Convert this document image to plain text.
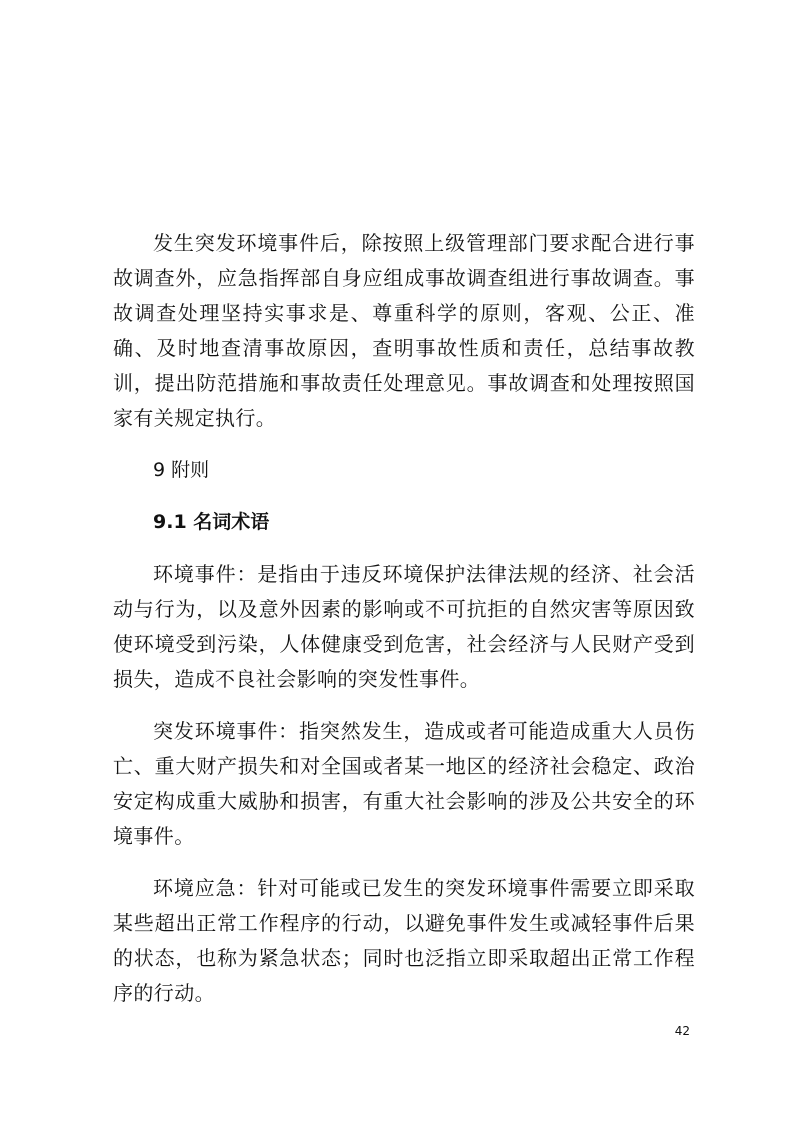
发生突发环境事件后，除按照上级管理部门要求配合进行事故调查外，应急指挥部自身应组成事故调查组进行事故调查。事故调查处理坚持实事求是、尊重科学的原则，客观、公正、准确、及时地查清事故原因，查明事故性质和责任，总结事故教训，提出防范措施和事故责任处理意见。事故调查和处理按照国家有关规定执行。

9 附则
9.1 名词术语

环境事件：是指由于违反环境保护法律法规的经济、社会活动与行为，以及意外因素的影响或不可抗拒的自然灾害等原因致使环境受到污染，人体健康受到危害，社会经济与人民财产受到损失，造成不良社会影响的突发性事件。

突发环境事件：指突然发生，造成或者可能造成重大人员伤亡、重大财产损失和对全国或者某一地区的经济社会稳定、政治安定构成重大威胁和损害，有重大社会影响的涉及公共安全的环境事件。

环境应急：针对可能或已发生的突发环境事件需要立即采取某些超出正常工作程序的行动，以避免事件发生或减轻事件后果的状态，也称为紧急状态；同时也泛指立即采取超出正常工作程序的行动。

42
